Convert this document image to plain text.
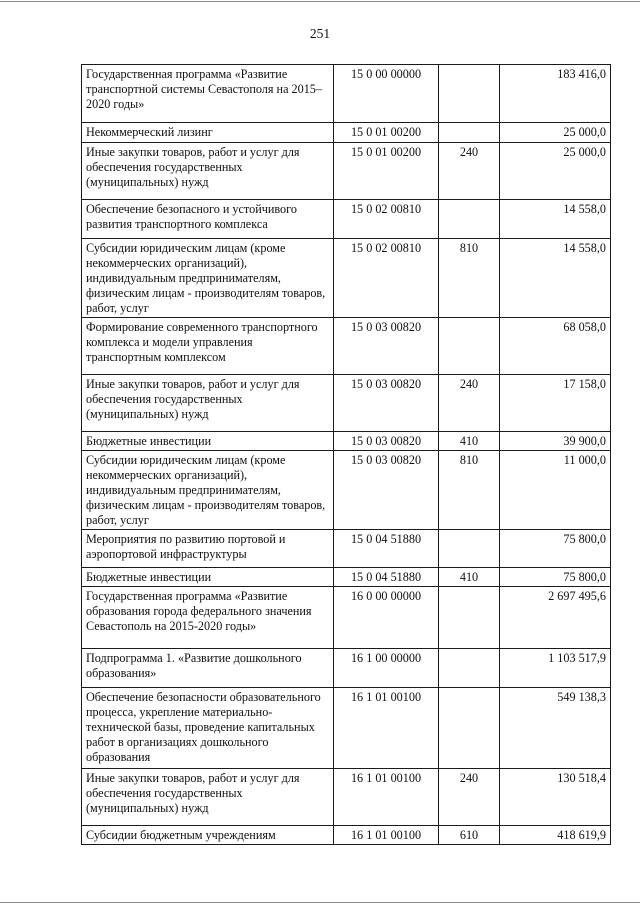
251
Государственная программа «Развитие транспортной системы Севастополя на 2015–2020 годы»	15 0 00 00000		183 416,0
Некоммерческий лизинг	15 0 01 00200		25 000,0
Иные закупки товаров, работ и услуг для обеспечения государственных (муниципальных) нужд	15 0 01 00200	240	25 000,0
Обеспечение безопасного и устойчивого развития транспортного комплекса	15 0 02 00810		14 558,0
Субсидии юридическим лицам (кроме некоммерческих организаций), индивидуальным предпринимателям, физическим лицам - производителям товаров, работ, услуг	15 0 02 00810	810	14 558,0
Формирование современного транспортного комплекса и модели управления транспортным комплексом	15 0 03 00820		68 058,0
Иные закупки товаров, работ и услуг для обеспечения государственных (муниципальных) нужд	15 0 03 00820	240	17 158,0
Бюджетные инвестиции	15 0 03 00820	410	39 900,0
Субсидии юридическим лицам (кроме некоммерческих организаций), индивидуальным предпринимателям, физическим лицам - производителям товаров, работ, услуг	15 0 03 00820	810	11 000,0
Мероприятия по развитию портовой и аэропортовой инфраструктуры	15 0 04 51880		75 800,0
Бюджетные инвестиции	15 0 04 51880	410	75 800,0
Государственная программа «Развитие образования города федерального значения Севастополь на 2015-2020 годы»	16 0 00 00000		2 697 495,6
Подпрограмма 1. «Развитие дошкольного образования»	16 1 00 00000		1 103 517,9
Обеспечение безопасности образовательного процесса, укрепление материально-технической базы, проведение капитальных работ в организациях дошкольного образования	16 1 01 00100		549 138,3
Иные закупки товаров, работ и услуг для обеспечения государственных (муниципальных) нужд	16 1 01 00100	240	130 518,4
Субсидии бюджетным учреждениям	16 1 01 00100	610	418 619,9
